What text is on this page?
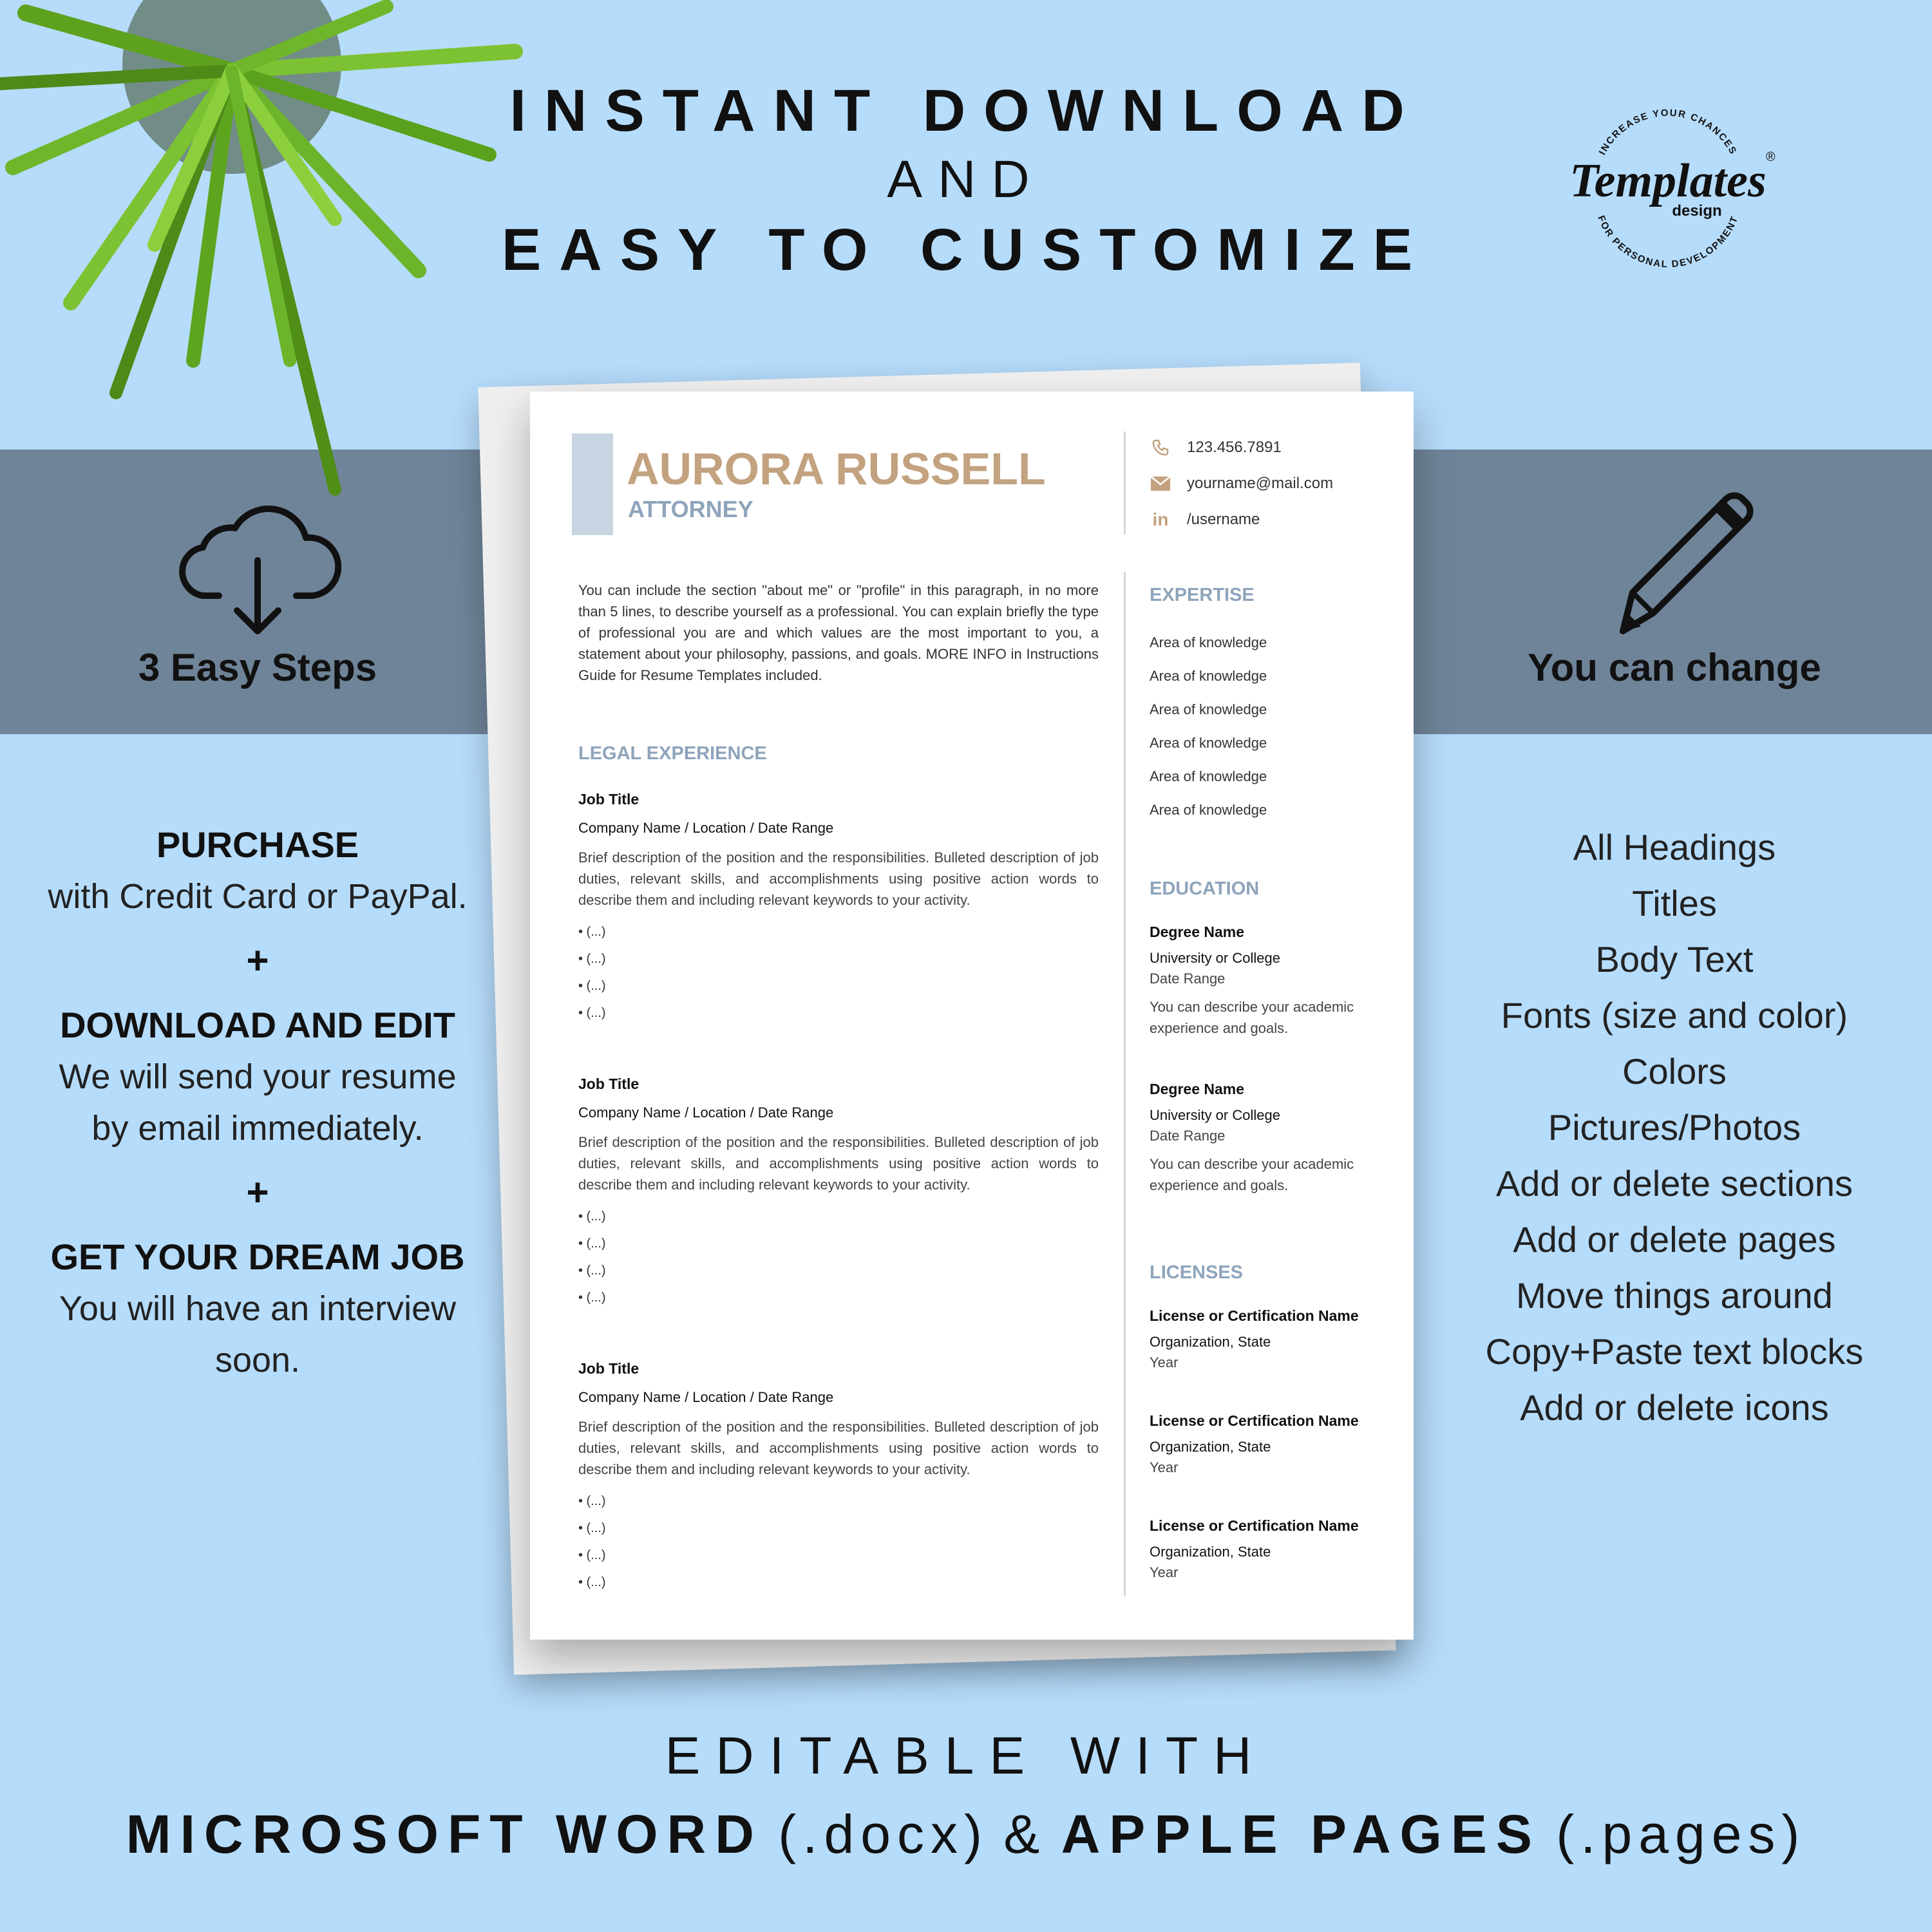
INSTANT DOWNLOAD
AND
EASY TO CUSTOMIZE
INCREASE YOUR CHANCES
Templates
design
®
FOR PERSONAL DEVELOPMENT
3 Easy Steps	You can change
PURCHASE
with Credit Card or PayPal.
+
DOWNLOAD AND EDIT
We will send your resume
by email immediately.
+
GET YOUR DREAM JOB
You will have an interview
soon.
All Headings
Titles
Body Text
Fonts (size and color)
Colors
Pictures/Photos
Add or delete sections
Add or delete pages
Move things around
Copy+Paste text blocks
Add or delete icons
AURORA RUSSELL
ATTORNEY
123.456.7891
yourname@mail.com
in /username
You can include the section "about me" or "profile" in this paragraph, in no more than 5 lines, to describe yourself as a professional. You can explain briefly the type of professional you are and which values are the most important to you, a statement about your philosophy, passions, and goals. MORE INFO in Instructions Guide for Resume Templates included.
LEGAL EXPERIENCE
Job Title
Company Name / Location / Date Range
Brief description of the position and the responsibilities. Bulleted description of job duties, relevant skills, and accomplishments using positive action words to describe them and including relevant keywords to your activity.
• (...)
• (...)
• (...)
• (...)
Job Title
Company Name / Location / Date Range
Brief description of the position and the responsibilities. Bulleted description of job duties, relevant skills, and accomplishments using positive action words to describe them and including relevant keywords to your activity.
• (...)
• (...)
• (...)
• (...)
Job Title
Company Name / Location / Date Range
Brief description of the position and the responsibilities. Bulleted description of job duties, relevant skills, and accomplishments using positive action words to describe them and including relevant keywords to your activity.
• (...)
• (...)
• (...)
• (...)
EXPERTISE
Area of knowledge
Area of knowledge
Area of knowledge
Area of knowledge
Area of knowledge
Area of knowledge
EDUCATION
Degree Name
University or College
Date Range
You can describe your academic experience and goals.
Degree Name
University or College
Date Range
You can describe your academic experience and goals.
LICENSES
License or Certification Name
Organization, State
Year
License or Certification Name
Organization, State
Year
License or Certification Name
Organization, State
Year
EDITABLE WITH
MICROSOFT WORD (.docx) & APPLE PAGES (.pages)
